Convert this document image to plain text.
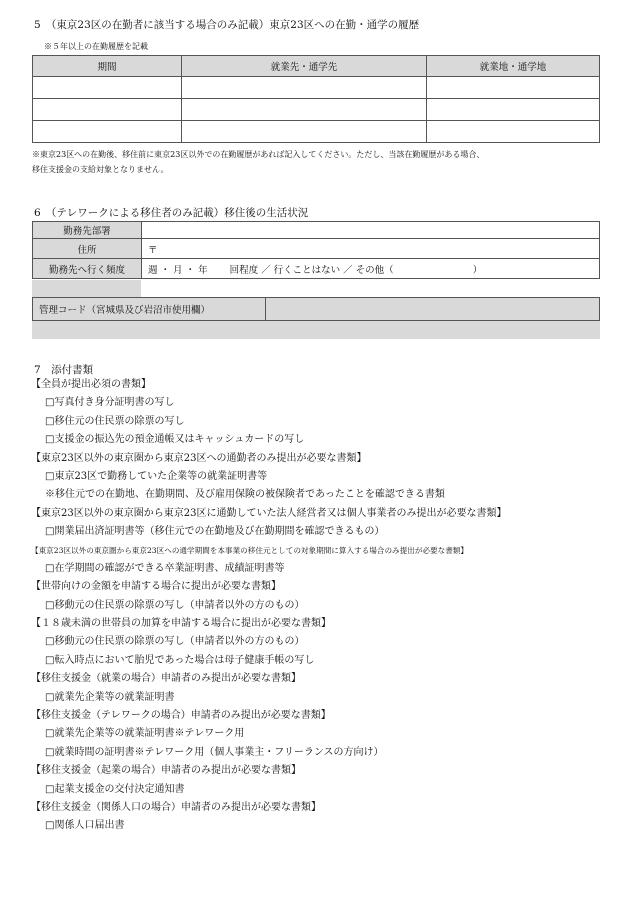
5　（東京23区の在勤者に該当する場合のみ記載）東京23区への在勤・通学の履歴
※５年以上の在勤履歴を記載
期間	就業先・通学先	就業地・通学地

※東京23区への在勤後、移住前に東京23区以外での在勤履歴があれば記入してください。ただし、当該在勤履歴がある場合、
移住支援金の支給対象となりません。
6　（テレワークによる移住者のみ記載）移住後の生活状況
勤務先部署	
住所	〒
勤務先へ行く頻度	週 ・ 月 ・ 年　　 回程度 ／ 行くことはない ／ その他（　　　　　　　　 ）
管理コード（宮城県及び岩沼市使用欄）	
7　添付書類
【全員が提出必須の書類】
□写真付き身分証明書の写し
□移住元の住民票の除票の写し
□支援金の振込先の預金通帳又はキャッシュカードの写し
【東京23区以外の東京圏から東京23区への通勤者のみ提出が必要な書類】
□東京23区で勤務していた企業等の就業証明書等
※移住元での在勤地、在勤期間、及び雇用保険の被保険者であったことを確認できる書類
【東京23区以外の東京圏から東京23区に通勤していた法人経営者又は個人事業者のみ提出が必要な書類】
□開業届出済証明書等（移住元での在勤地及び在勤期間を確認できるもの）
【東京23区以外の東京圏から東京23区への通学期間を本事業の移住元としての対象期間に算入する場合のみ提出が必要な書類】
□在学期間の確認ができる卒業証明書、成績証明書等
【世帯向けの金額を申請する場合に提出が必要な書類】
□移動元の住民票の除票の写し（申請者以外の方のもの）
【１８歳未満の世帯員の加算を申請する場合に提出が必要な書類】
□移動元の住民票の除票の写し（申請者以外の方のもの）
□転入時点において胎児であった場合は母子健康手帳の写し
【移住支援金（就業の場合）申請者のみ提出が必要な書類】
□就業先企業等の就業証明書
【移住支援金（テレワークの場合）申請者のみ提出が必要な書類】
□就業先企業等の就業証明書※テレワーク用
□就業時間の証明書※テレワーク用（個人事業主・フリーランスの方向け）
【移住支援金（起業の場合）申請者のみ提出が必要な書類】
□起業支援金の交付決定通知書
【移住支援金（関係人口の場合）申請者のみ提出が必要な書類】
□関係人口届出書
